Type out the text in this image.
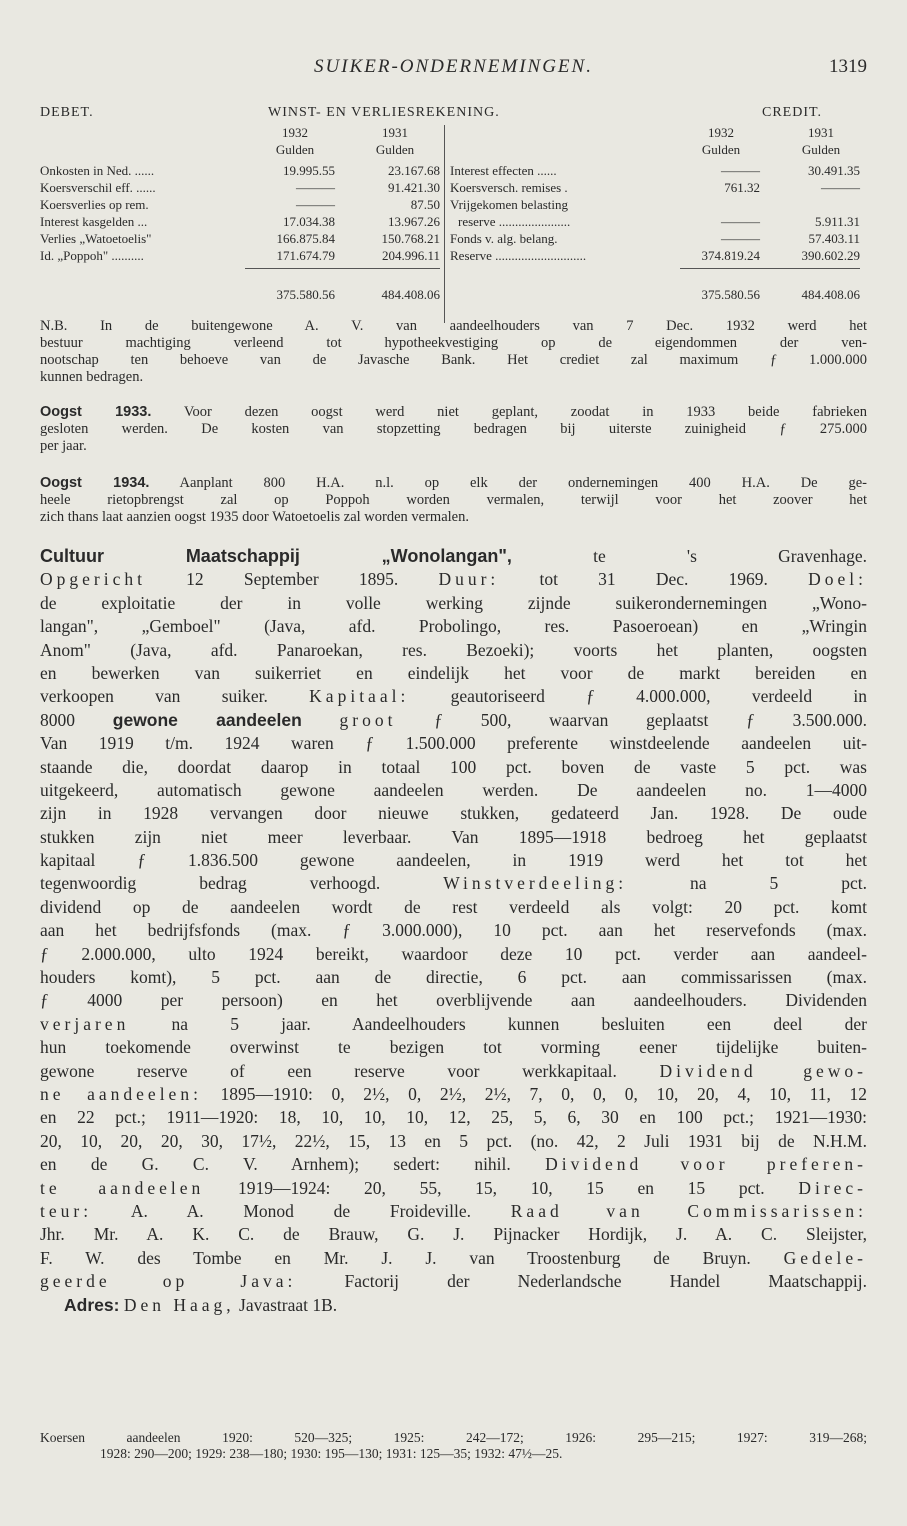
SUIKER-ONDERNEMINGEN.	1319
DEBET.	WINST- EN VERLIESREKENING.	CREDIT.
1932	1931	1932	1931
Gulden	Gulden	Gulden	Gulden
Onkosten in Ned. ......	19.995.55	23.167.68 Interest effecten ......	———	30.491.35
Koersverschil eff. ......	———	91.421.30 Koersversch. remises .	761.32	———
Koersverlies op rem.	———	87.50 Vrijgekomen belasting
Interest kasgelden ...	17.034.38	13.967.26	reserve ......................	———	5.911.31
Verlies „Watoetoelis"	166.875.84	150.768.21 Fonds v. alg. belang.	———	57.403.11
Id. „Poppoh" ..........	171.674.79	204.996.11 Reserve ............................	374.819.24	390.602.29
375.580.56	484.408.06	375.580.56	484.408.06
N.B. In de buitengewone A. V. van aandeelhouders van 7 Dec. 1932 werd het
bestuur machtiging verleend tot hypotheekvestiging op de eigendommen der ven-
nootschap ten behoeve van de Javasche Bank. Het crediet zal maximum ƒ 1.000.000
kunnen bedragen.
Oogst 1933. Voor dezen oogst werd niet geplant, zoodat in 1933 beide fabrieken
gesloten werden. De kosten van stopzetting bedragen bij uiterste zuinigheid ƒ 275.000
per jaar.
Oogst 1934. Aanplant 800 H.A. n.l. op elk der ondernemingen 400 H.A. De ge-
heele rietopbrengst zal op Poppoh worden vermalen, terwijl voor het zoover het
zich thans laat aanzien oogst 1935 door Watoetoelis zal worden vermalen.
Cultuur Maatschappij „Wonolangan", te 's Gravenhage.
Opgericht 12 September 1895. Duur: tot 31 Dec. 1969. Doel:
de exploitatie der in volle werking zijnde suikerondernemingen „Wono-
langan", „Gemboel" (Java, afd. Probolingo, res. Pasoeroean) en „Wringin
Anom" (Java, afd. Panaroekan, res. Bezoeki); voorts het planten, oogsten
en bewerken van suikerriet en eindelijk het voor de markt bereiden en
verkoopen van suiker. Kapitaal: geautoriseerd ƒ 4.000.000, verdeeld in
8000 gewone aandeelen groot ƒ 500, waarvan geplaatst ƒ 3.500.000.
Van 1919 t/m. 1924 waren ƒ 1.500.000 preferente winstdeelende aandeelen uit-
staande die, doordat daarop in totaal 100 pct. boven de vaste 5 pct. was
uitgekeerd, automatisch gewone aandeelen werden. De aandeelen no. 1—4000
zijn in 1928 vervangen door nieuwe stukken, gedateerd Jan. 1928. De oude
stukken zijn niet meer leverbaar. Van 1895—1918 bedroeg het geplaatst
kapitaal ƒ 1.836.500 gewone aandeelen, in 1919 werd het tot het
tegenwoordig bedrag verhoogd. Winstverdeeling: na 5 pct.
dividend op de aandeelen wordt de rest verdeeld als volgt: 20 pct. komt
aan het bedrijfsfonds (max. ƒ 3.000.000), 10 pct. aan het reservefonds (max.
ƒ 2.000.000, ulto 1924 bereikt, waardoor deze 10 pct. verder aan aandeel-
houders komt), 5 pct. aan de directie, 6 pct. aan commissarissen (max.
ƒ 4000 per persoon) en het overblijvende aan aandeelhouders. Dividenden
verjaren na 5 jaar. Aandeelhouders kunnen besluiten een deel der
hun toekomende overwinst te bezigen tot vorming eener tijdelijke buiten-
gewone reserve of een reserve voor werkkapitaal. Dividend gewo-
ne aandeelen: 1895—1910: 0, 2½, 0, 2½, 2½, 7, 0, 0, 0, 10, 20, 4, 10, 11, 12
en 22 pct.; 1911—1920: 18, 10, 10, 10, 12, 25, 5, 6, 30 en 100 pct.; 1921—1930:
20, 10, 20, 20, 30, 17½, 22½, 15, 13 en 5 pct. (no. 42, 2 Juli 1931 bij de N.H.M.
en de G. C. V. Arnhem); sedert: nihil. Dividend voor preferen-
te aandeelen 1919—1924: 20, 55, 15, 10, 15 en 15 pct. Direc-
teur: A. A. Monod de Froideville. Raad van Commissarissen:
Jhr. Mr. A. K. C. de Brauw, G. J. Pijnacker Hordijk, J. A. C. Sleijster,
F. W. des Tombe en Mr. J. J. van Troostenburg de Bruyn. Gedele-
geerde op Java: Factorij der Nederlandsche Handel Maatschappij.
Adres: Den Haag, Javastraat 1B.
Koersen aandeelen 1920: 520—325; 1925: 242—172; 1926: 295—215; 1927: 319—268;
1928: 290—200; 1929: 238—180; 1930: 195—130; 1931: 125—35; 1932: 47½—25.
